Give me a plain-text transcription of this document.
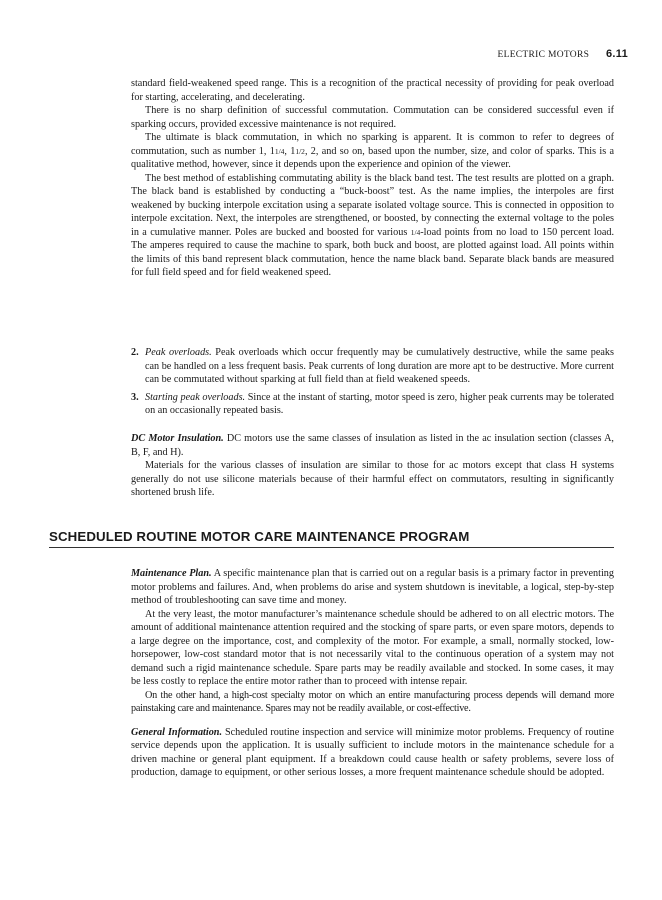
ELECTRIC MOTORS 6.11

standard field-weakened speed range. This is a recognition of the practical necessity of providing for peak overload for starting, accelerating, and decelerating.

There is no sharp definition of successful commutation. Commutation can be considered successful even if sparking occurs, provided excessive maintenance is not required.

The ultimate is black commutation, in which no sparking is apparent. It is common to refer to degrees of commutation, such as number 1, 11/4, 11/2, 2, and so on, based upon the number, size, and color of sparks. This is a qualitative method, however, since it depends upon the experience and opinion of the viewer.

The best method of establishing commutating ability is the black band test. The test results are plotted on a graph. The black band is established by conducting a “buck-boost” test. As the name implies, the interpoles are first weakened by bucking interpole excitation using a separate isolated voltage source. This is connected in opposition to interpole excitation. Next, the interpoles are strengthened, or boosted, by connecting the external voltage to the poles in a cumulative manner. Poles are bucked and boosted for various 1/4-load points from no load to 150 percent load. The amperes required to cause the machine to spark, both buck and boost, are plotted against load. All points within the limits of this band represent black commutation, hence the name black band. Separate black bands are measured for full field speed and for field weakened speed.

2. Peak overloads. Peak overloads which occur frequently may be cumulatively destructive, while the same peaks can be handled on a less frequent basis. Peak currents of long duration are more apt to be destructive. More current can be commutated without sparking at full field than at field weakened speeds.
3. Starting peak overloads. Since at the instant of starting, motor speed is zero, higher peak currents may be tolerated on an occasionally repeated basis.

DC Motor Insulation. DC motors use the same classes of insulation as listed in the ac insulation section (classes A, B, F, and H).

Materials for the various classes of insulation are similar to those for ac motors except that class H systems generally do not use silicone materials because of their harmful effect on commutators, resulting in significantly shortened brush life.

SCHEDULED ROUTINE MOTOR CARE MAINTENANCE PROGRAM

Maintenance Plan. A specific maintenance plan that is carried out on a regular basis is a primary factor in preventing motor problems and failures. And, when problems do arise and system shutdown is inevitable, a logical, step-by-step method of troubleshooting can save time and money.

At the very least, the motor manufacturer’s maintenance schedule should be adhered to on all electric motors. The amount of additional maintenance attention required and the stocking of spare parts, or even spare motors, depends to a large degree on the importance, cost, and complexity of the motor. For example, a small, normally stocked, low-horsepower, low-cost standard motor that is not necessarily vital to the continuous operation of a system may not demand such a rigid maintenance schedule. Spare parts may be readily available and stocked. In some cases, it may be less costly to replace the entire motor rather than to proceed with intense repair.

On the other hand, a high-cost specialty motor on which an entire manufacturing process depends will demand more painstaking care and maintenance. Spares may not be readily available, or cost-effective.

General Information. Scheduled routine inspection and service will minimize motor problems. Frequency of routine service depends upon the application. It is usually sufficient to include motors in the maintenance schedule for a driven machine or general plant equipment. If a breakdown could cause health or safety problems, severe loss of production, damage to equipment, or other serious losses, a more frequent maintenance schedule should be adopted.
